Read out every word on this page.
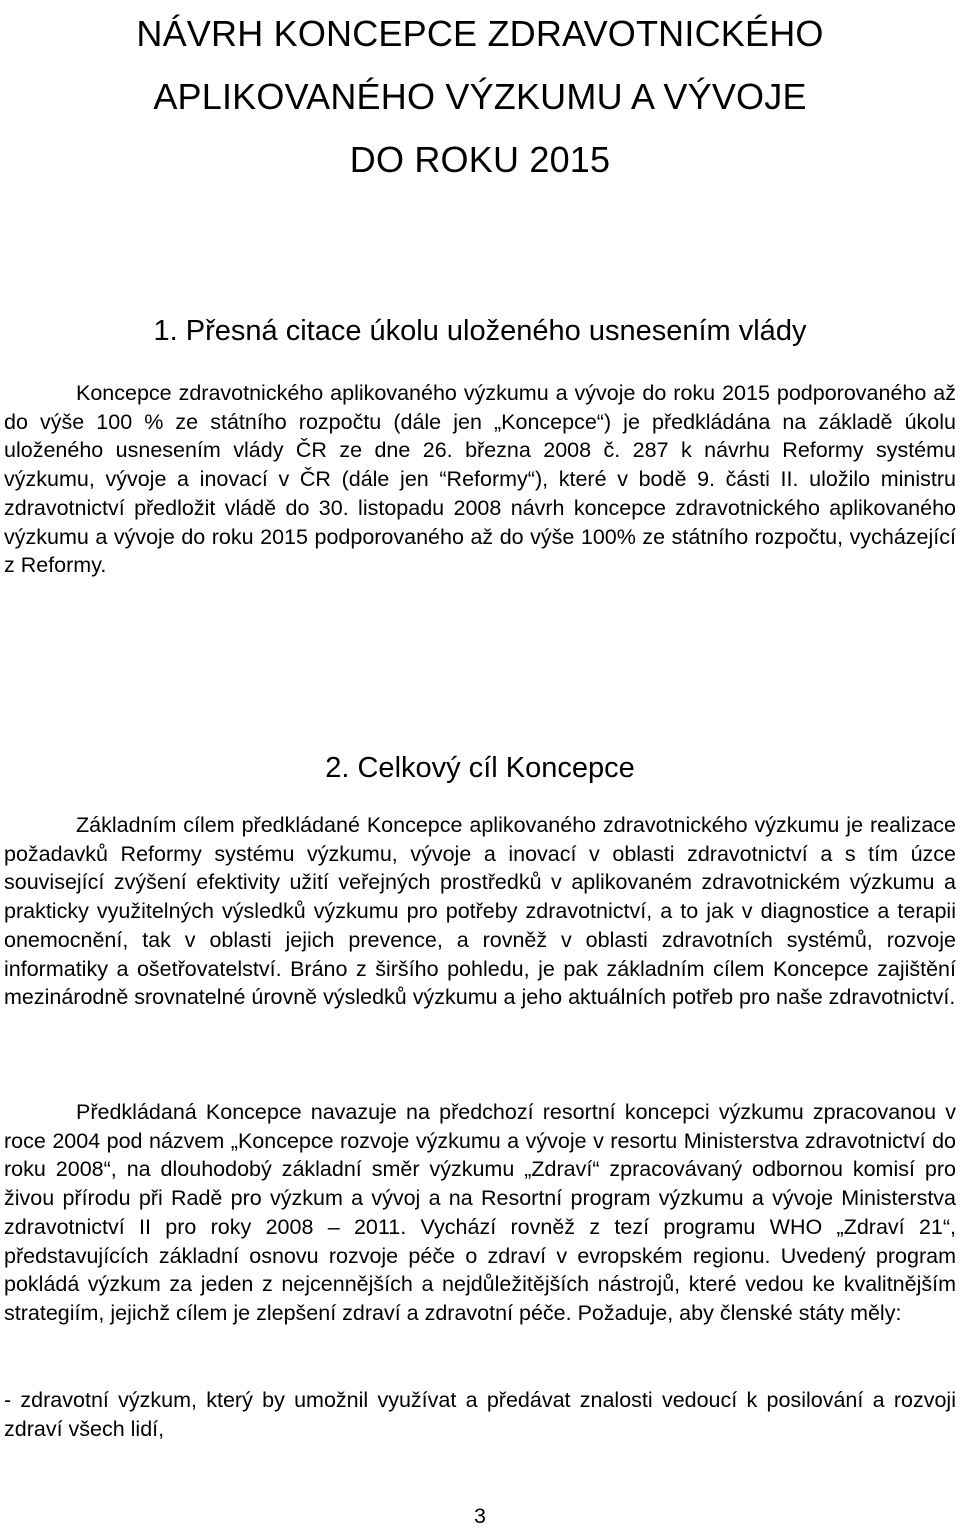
NÁVRH KONCEPCE ZDRAVOTNICKÉHO
APLIKOVANÉHO VÝZKUMU A VÝVOJE
DO ROKU 2015
1. Přesná citace úkolu uloženého usnesením vlády

Koncepce zdravotnického aplikovaného výzkumu a vývoje do roku 2015 podporovaného až do výše 100 % ze státního rozpočtu (dále jen „Koncepce“) je předkládána na základě úkolu uloženého usnesením vlády ČR ze dne 26. března 2008 č. 287 k návrhu Reformy systému výzkumu, vývoje a inovací v ČR (dále jen “Reformy“), které v bodě 9. části II. uložilo ministru zdravotnictví předložit vládě do 30. listopadu 2008 návrh koncepce zdravotnického aplikovaného výzkumu a vývoje do roku 2015 podporovaného až do výše 100% ze státního rozpočtu, vycházející z Reformy.

2. Celkový cíl Koncepce

Základním cílem předkládané Koncepce aplikovaného zdravotnického výzkumu je realizace požadavků Reformy systému výzkumu, vývoje a inovací v oblasti zdravotnictví a s tím úzce související zvýšení efektivity užití veřejných prostředků v aplikovaném zdravotnickém výzkumu a prakticky využitelných výsledků výzkumu pro potřeby zdravotnictví, a to jak v diagnostice a terapii onemocnění, tak v oblasti jejich prevence, a rovněž v oblasti zdravotních systémů, rozvoje informatiky a ošetřovatelství. Bráno z širšího pohledu, je pak základním cílem Koncepce zajištění mezinárodně srovnatelné úrovně výsledků výzkumu a jeho aktuálních potřeb pro naše zdravotnictví.

Předkládaná Koncepce navazuje na předchozí resortní koncepci výzkumu zpracovanou v roce 2004 pod názvem „Koncepce rozvoje výzkumu a vývoje v resortu Ministerstva zdravotnictví do roku 2008“, na dlouhodobý základní směr výzkumu „Zdraví“ zpracovávaný odbornou komisí pro živou přírodu při Radě pro výzkum a vývoj a na Resortní program výzkumu a vývoje Ministerstva zdravotnictví II pro roky 2008 – 2011. Vychází rovněž z tezí programu WHO „Zdraví 21“, představujících základní osnovu rozvoje péče o zdraví v evropském regionu. Uvedený program pokládá výzkum za jeden z nejcennějších a nejdůležitějších nástrojů, které vedou ke kvalitnějším strategiím, jejichž cílem je zlepšení zdraví a zdravotní péče. Požaduje, aby členské státy měly:

- zdravotní výzkum, který by umožnil využívat a předávat znalosti vedoucí k posilování a rozvoji zdraví všech lidí,

3
